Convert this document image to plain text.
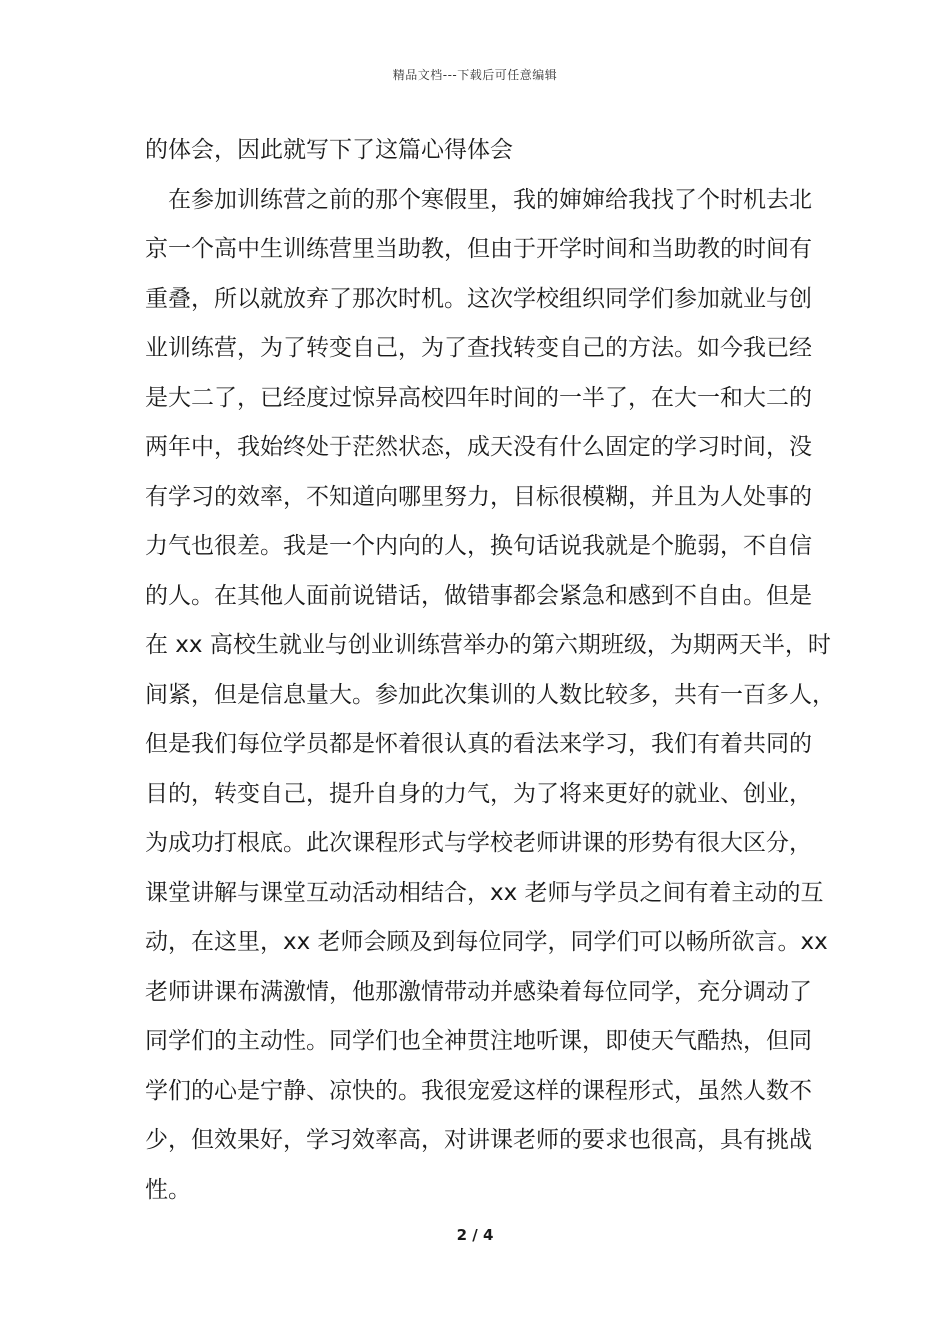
精品文档---下载后可任意编辑
的体会，因此就写下了这篇心得体会
　在参加训练营之前的那个寒假里，我的婶婶给我找了个时机去北
京一个高中生训练营里当助教，但由于开学时间和当助教的时间有
重叠，所以就放弃了那次时机。这次学校组织同学们参加就业与创
业训练营，为了转变自己，为了查找转变自己的方法。如今我已经
是大二了，已经度过惊异高校四年时间的一半了，在大一和大二的
两年中，我始终处于茫然状态，成天没有什么固定的学习时间，没
有学习的效率，不知道向哪里努力，目标很模糊，并且为人处事的
力气也很差。我是一个内向的人，换句话说我就是个脆弱，不自信
的人。在其他人面前说错话，做错事都会紧急和感到不自由。但是
在 xx 高校生就业与创业训练营举办的第六期班级，为期两天半，时
间紧，但是信息量大。参加此次集训的人数比较多，共有一百多人，
但是我们每位学员都是怀着很认真的看法来学习，我们有着共同的
目的，转变自己，提升自身的力气，为了将来更好的就业、创业，
为成功打根底。此次课程形式与学校老师讲课的形势有很大区分，
课堂讲解与课堂互动活动相结合，xx 老师与学员之间有着主动的互
动，在这里，xx 老师会顾及到每位同学，同学们可以畅所欲言。xx
老师讲课布满激情，他那激情带动并感染着每位同学，充分调动了
同学们的主动性。同学们也全神贯注地听课，即使天气酷热，但同
学们的心是宁静、凉快的。我很宠爱这样的课程形式，虽然人数不
少，但效果好，学习效率高，对讲课老师的要求也很高，具有挑战
性。
2 / 4
